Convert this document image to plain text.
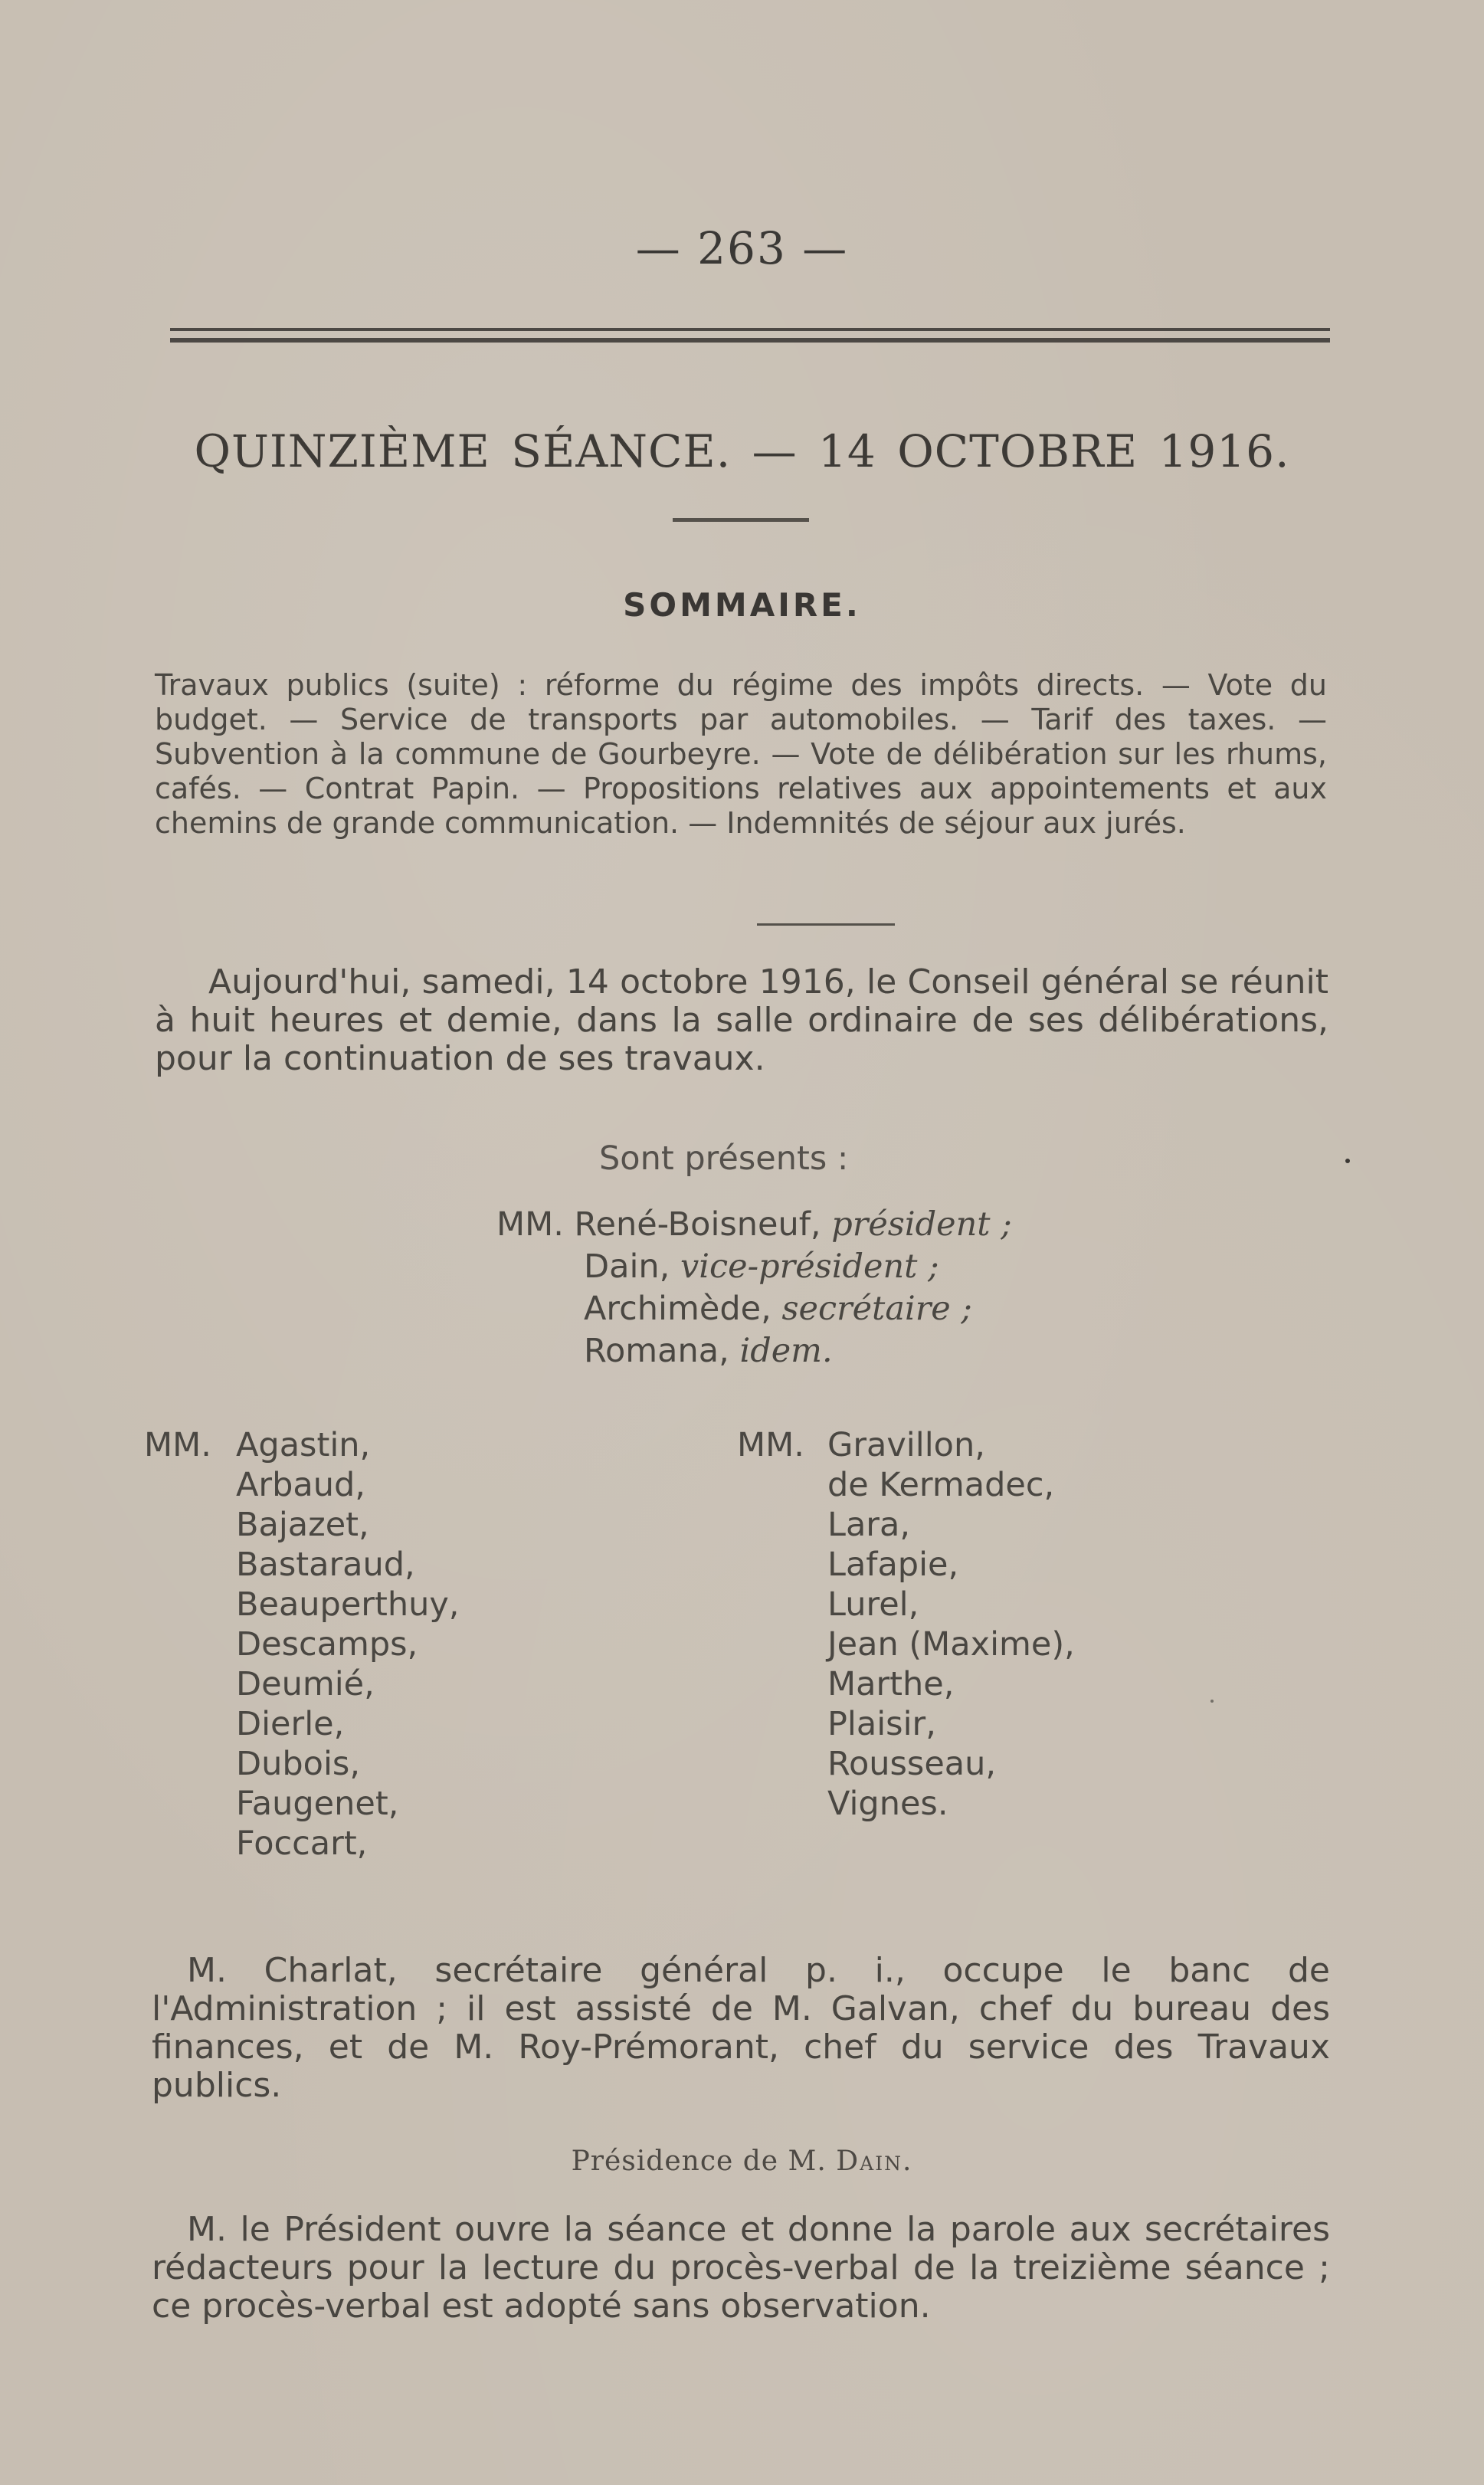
— 263 —
QUINZIÈME SÉANCE. — 14 OCTOBRE 1916.
SOMMAIRE.
Travaux publics (suite) : réforme du régime des impôts directs. — Vote du budget. — Service de transports par automobiles. — Tarif des taxes. — Subvention à la commune de Gourbeyre. — Vote de délibération sur les rhums, cafés. — Contrat Papin. — Propositions relatives aux appointements et aux chemins de grande communication. — Indemnités de séjour aux jurés.
Aujourd'hui, samedi, 14 octobre 1916, le Conseil général se réunit à huit heures et demie, dans la salle ordinaire de ses délibérations, pour la continuation de ses travaux.
Sont présents :
MM. René-Boisneuf, président ;
Dain, vice-président ;
Archimède, secrétaire ;
Romana, idem.
MM. Agastin,
Arbaud,
Bajazet,
Bastaraud,
Beauperthuy,
Descamps,
Deumié,
Dierle,
Dubois,
Faugenet,
Foccart,
MM. Gravillon,
de Kermadec,
Lara,
Lafapie,
Lurel,
Jean (Maxime),
Marthe,
Plaisir,
Rousseau,
Vignes.
M. Charlat, secrétaire général p. i., occupe le banc de l'Administration ; il est assisté de M. Galvan, chef du bureau des finances, et de M. Roy-Prémorant, chef du service des Travaux publics.
Présidence de M. Dain.
M. le Président ouvre la séance et donne la parole aux secrétaires rédacteurs pour la lecture du procès-verbal de la treizième séance ; ce procès-verbal est adopté sans observation.
